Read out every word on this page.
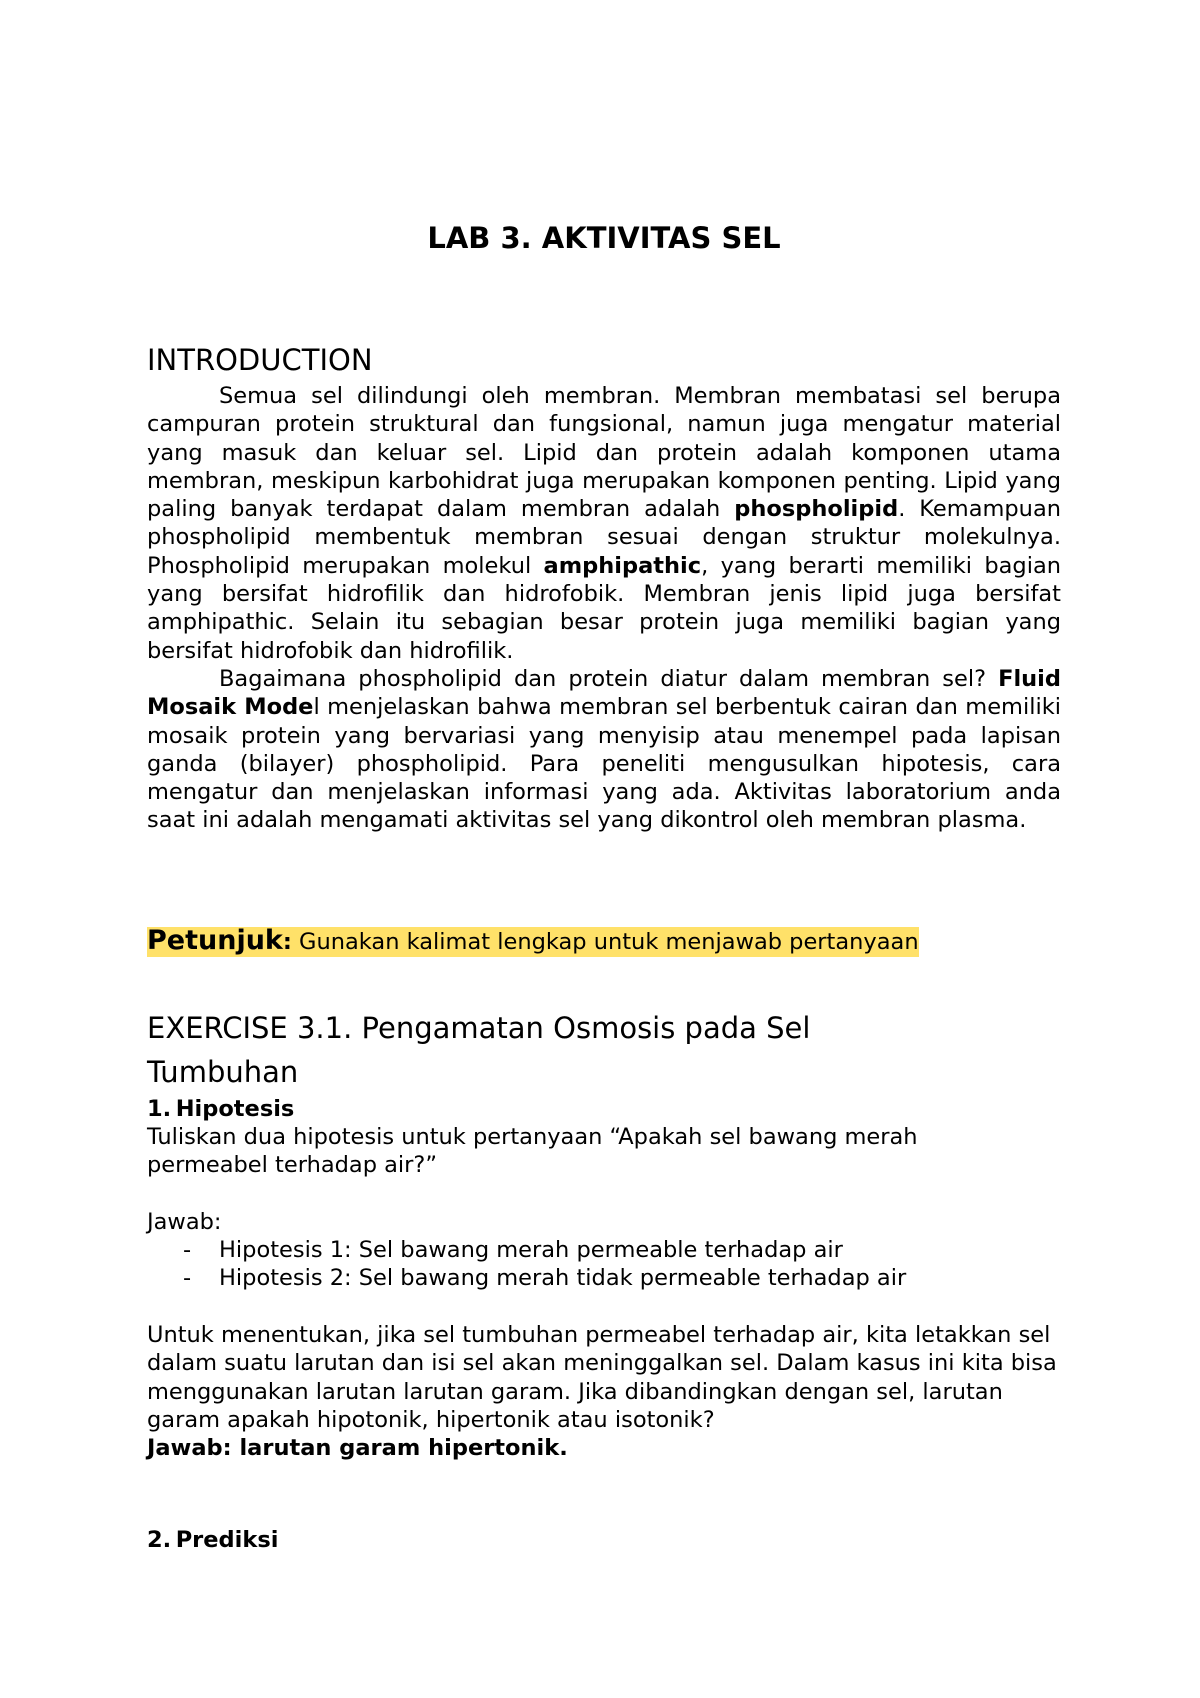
LAB 3. AKTIVITAS SEL
INTRODUCTION

Semua sel dilindungi oleh membran. Membran membatasi sel berupa campuran protein struktural dan fungsional, namun juga mengatur material yang masuk dan keluar sel. Lipid dan protein adalah komponen utama membran, meskipun karbohidrat juga merupakan komponen penting. Lipid yang paling banyak terdapat dalam membran adalah phospholipid. Kemampuan phospholipid membentuk membran sesuai dengan struktur molekulnya. Phospholipid merupakan molekul amphipathic, yang berarti memiliki bagian yang bersifat hidrofilik dan hidrofobik. Membran jenis lipid juga bersifat amphipathic. Selain itu sebagian besar protein juga memiliki bagian yang bersifat hidrofobik dan hidrofilik.

Bagaimana phospholipid dan protein diatur dalam membran sel? Fluid Mosaik Model menjelaskan bahwa membran sel berbentuk cairan dan memiliki mosaik protein yang bervariasi yang menyisip atau menempel pada lapisan ganda (bilayer) phospholipid. Para peneliti mengusulkan hipotesis, cara mengatur dan menjelaskan informasi yang ada. Aktivitas laboratorium anda saat ini adalah mengamati aktivitas sel yang dikontrol oleh membran plasma.

Petunjuk: Gunakan kalimat lengkap untuk menjawab pertanyaan

EXERCISE 3.1. Pengamatan Osmosis pada Sel Tumbuhan
1. Hipotesis

Tuliskan dua hipotesis untuk pertanyaan “Apakah sel bawang merah permeabel terhadap air?”

Jawab:
- Hipotesis 1: Sel bawang merah permeable terhadap air
- Hipotesis 2: Sel bawang merah tidak permeable terhadap air

Untuk menentukan, jika sel tumbuhan permeabel terhadap air, kita letakkan sel dalam suatu larutan dan isi sel akan meninggalkan sel. Dalam kasus ini kita bisa menggunakan larutan larutan garam. Jika dibandingkan dengan sel, larutan garam apakah hipotonik, hipertonik atau isotonik?

Jawab: larutan garam hipertonik.

2. Prediksi
